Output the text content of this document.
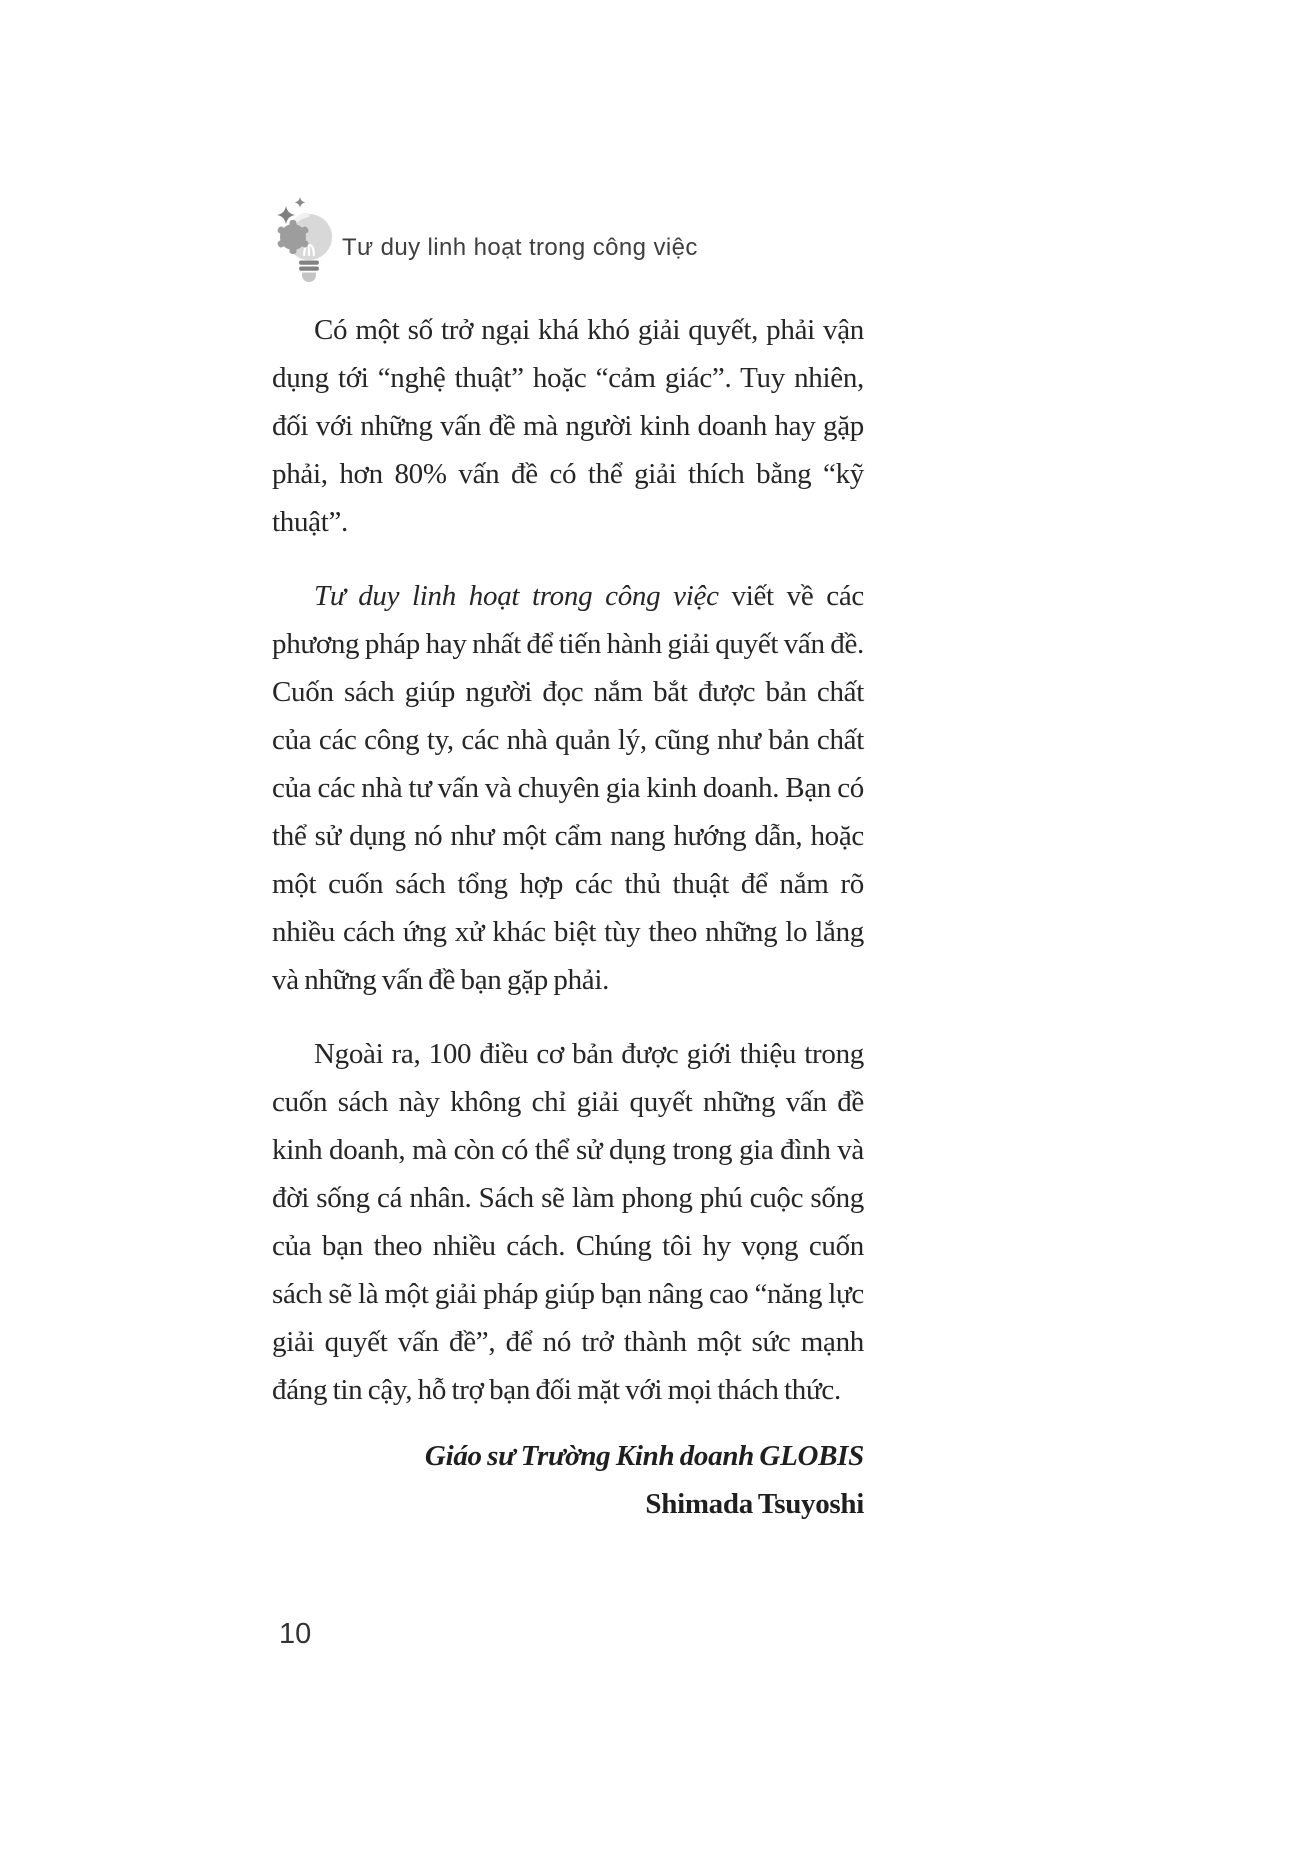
Tư duy linh hoạt trong công việc

Có một số trở ngại khá khó giải quyết, phải vận dụng tới “nghệ thuật” hoặc “cảm giác”. Tuy nhiên, đối với những vấn đề mà người kinh doanh hay gặp phải, hơn 80% vấn đề có thể giải thích bằng “kỹ thuật”.

Tư duy linh hoạt trong công việc viết về các phương pháp hay nhất để tiến hành giải quyết vấn đề. Cuốn sách giúp người đọc nắm bắt được bản chất của các công ty, các nhà quản lý, cũng như bản chất của các nhà tư vấn và chuyên gia kinh doanh. Bạn có thể sử dụng nó như một cẩm nang hướng dẫn, hoặc một cuốn sách tổng hợp các thủ thuật để nắm rõ nhiều cách ứng xử khác biệt tùy theo những lo lắng và những vấn đề bạn gặp phải.

Ngoài ra, 100 điều cơ bản được giới thiệu trong cuốn sách này không chỉ giải quyết những vấn đề kinh doanh, mà còn có thể sử dụng trong gia đình và đời sống cá nhân. Sách sẽ làm phong phú cuộc sống của bạn theo nhiều cách. Chúng tôi hy vọng cuốn sách sẽ là một giải pháp giúp bạn nâng cao “năng lực giải quyết vấn đề”, để nó trở thành một sức mạnh đáng tin cậy, hỗ trợ bạn đối mặt với mọi thách thức.

Giáo sư Trường Kinh doanh GLOBIS
Shimada Tsuyoshi
10
